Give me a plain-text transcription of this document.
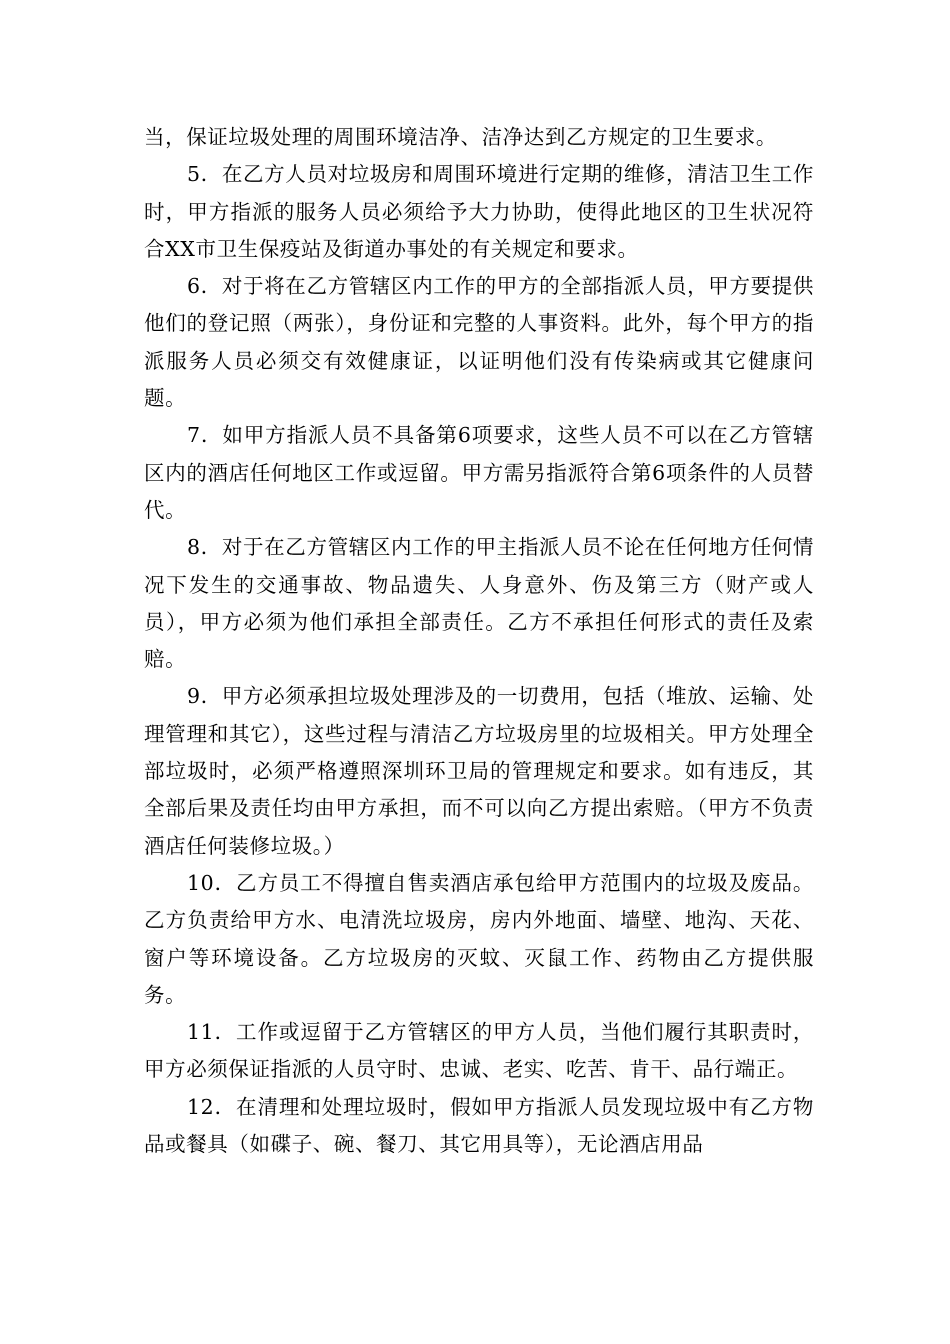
当，保证垃圾处理的周围环境洁净、洁净达到乙方规定的卫生要求。

5．在乙方人员对垃圾房和周围环境进行定期的维修，清洁卫生工作时，甲方指派的服务人员必须给予大力协助，使得此地区的卫生状况符合XX市卫生保疫站及街道办事处的有关规定和要求。

6．对于将在乙方管辖区内工作的甲方的全部指派人员，甲方要提供他们的登记照（两张），身份证和完整的人事资料。此外，每个甲方的指派服务人员必须交有效健康证，以证明他们没有传染病或其它健康问题。

7．如甲方指派人员不具备第6项要求，这些人员不可以在乙方管辖区内的酒店任何地区工作或逗留。甲方需另指派符合第6项条件的人员替代。

8．对于在乙方管辖区内工作的甲主指派人员不论在任何地方任何情况下发生的交通事故、物品遗失、人身意外、伤及第三方（财产或人员），甲方必须为他们承担全部责任。乙方不承担任何形式的责任及索赔。

9．甲方必须承担垃圾处理涉及的一切费用，包括（堆放、运输、处理管理和其它），这些过程与清洁乙方垃圾房里的垃圾相关。甲方处理全部垃圾时，必须严格遵照深圳环卫局的管理规定和要求。如有违反，其全部后果及责任均由甲方承担，而不可以向乙方提出索赔。（甲方不负责酒店任何装修垃圾。）

10．乙方员工不得擅自售卖酒店承包给甲方范围内的垃圾及废品。乙方负责给甲方水、电清洗垃圾房，房内外地面、墙壁、地沟、天花、窗户等环境设备。乙方垃圾房的灭蚊、灭鼠工作、药物由乙方提供服务。

11．工作或逗留于乙方管辖区的甲方人员，当他们履行其职责时，甲方必须保证指派的人员守时、忠诚、老实、吃苦、肯干、品行端正。

12．在清理和处理垃圾时，假如甲方指派人员发现垃圾中有乙方物品或餐具（如碟子、碗、餐刀、其它用具等），无论酒店用品
